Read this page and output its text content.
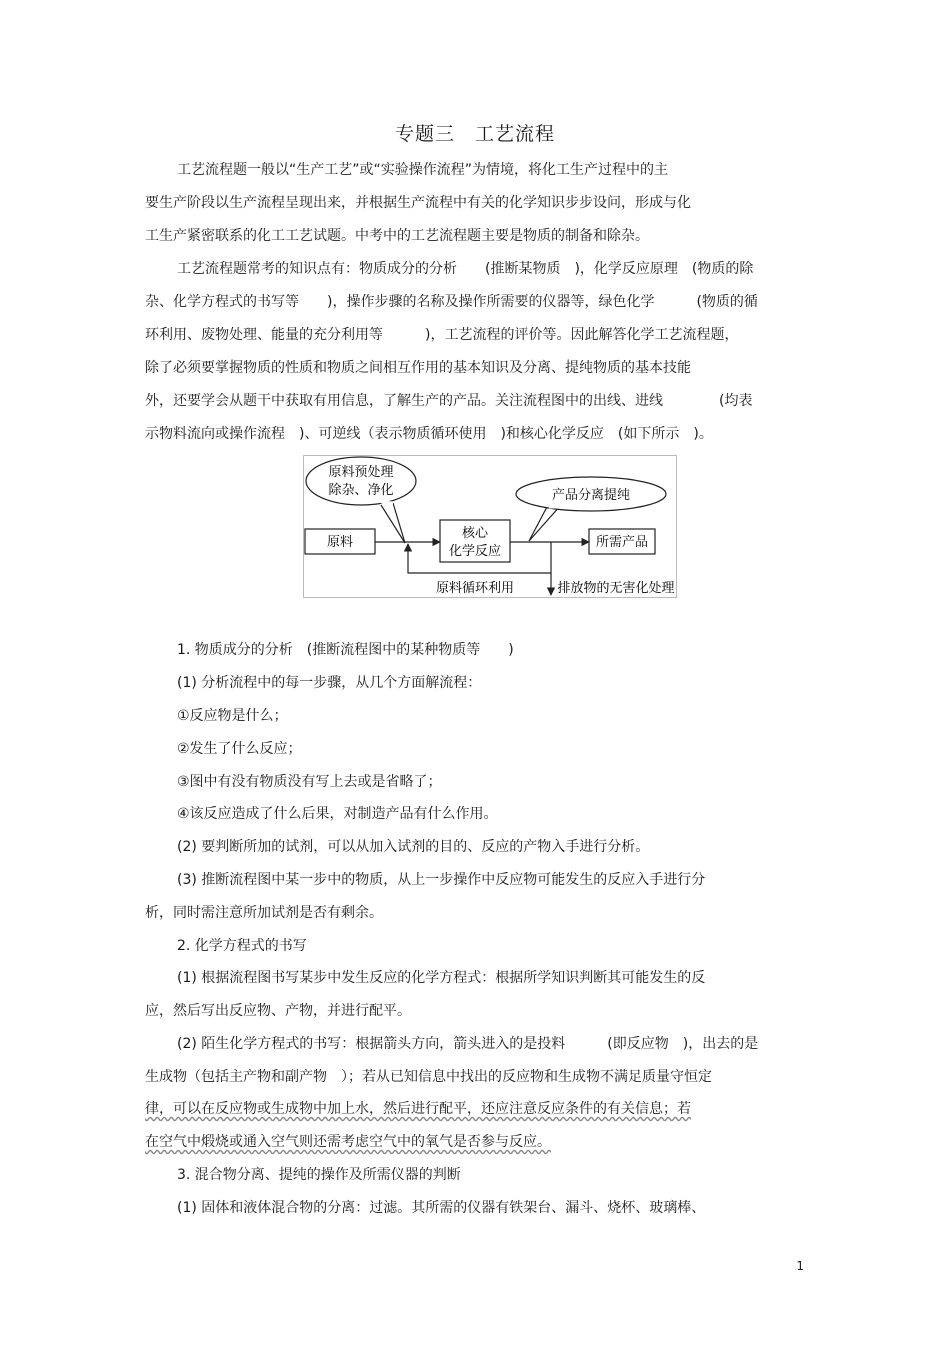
专题三　工艺流程
工艺流程题一般以“生产工艺”或“实验操作流程”为情境，将化工生产过程中的主
要生产阶段以生产流程呈现出来，并根据生产流程中有关的化学知识步步设问，形成与化
工生产紧密联系的化工工艺试题。中考中的工艺流程题主要是物质的制备和除杂。
工艺流程题常考的知识点有：物质成分的分析　　(推断某物质　)，化学反应原理　(物质的除
杂、化学方程式的书写等　　)，操作步骤的名称及操作所需要的仪器等，绿色化学　　　(物质的循
环利用、废物处理、能量的充分利用等　　　)，工艺流程的评价等。因此解答化学工艺流程题，
除了必须要掌握物质的性质和物质之间相互作用的基本知识及分离、提纯物质的基本技能
外，还要学会从题干中获取有用信息，了解生产的产品。关注流程图中的出线、进线　　　　(均表
示物料流向或操作流程　)、可逆线（表示物质循环使用　)和核心化学反应　(如下所示　)。
原料预处理
除杂、净化	产品分离提纯
原料
核心
化学反应
所需产品
原料循环利用	排放物的无害化处理
1. 物质成分的分析　(推断流程图中的某种物质等　　)
(1) 分析流程中的每一步骤，从几个方面解流程：
①反应物是什么；
②发生了什么反应；
③图中有没有物质没有写上去或是省略了；
④该反应造成了什么后果，对制造产品有什么作用。
(2) 要判断所加的试剂，可以从加入试剂的目的、反应的产物入手进行分析。
(3) 推断流程图中某一步中的物质，从上一步操作中反应物可能发生的反应入手进行分
析，同时需注意所加试剂是否有剩余。
2. 化学方程式的书写
(1) 根据流程图书写某步中发生反应的化学方程式：根据所学知识判断其可能发生的反
应，然后写出反应物、产物，并进行配平。
(2) 陌生化学方程式的书写：根据箭头方向，箭头进入的是投料　　　(即反应物　)，出去的是
生成物（包括主产物和副产物　）；若从已知信息中找出的反应物和生成物不满足质量守恒定
律，可以在反应物或生成物中加上水，然后进行配平，还应注意反应条件的有关信息；若
在空气中煅烧或通入空气则还需考虑空气中的氧气是否参与反应。
3. 混合物分离、提纯的操作及所需仪器的判断
(1) 固体和液体混合物的分离：过滤。其所需的仪器有铁架台、漏斗、烧杯、玻璃棒、
1
